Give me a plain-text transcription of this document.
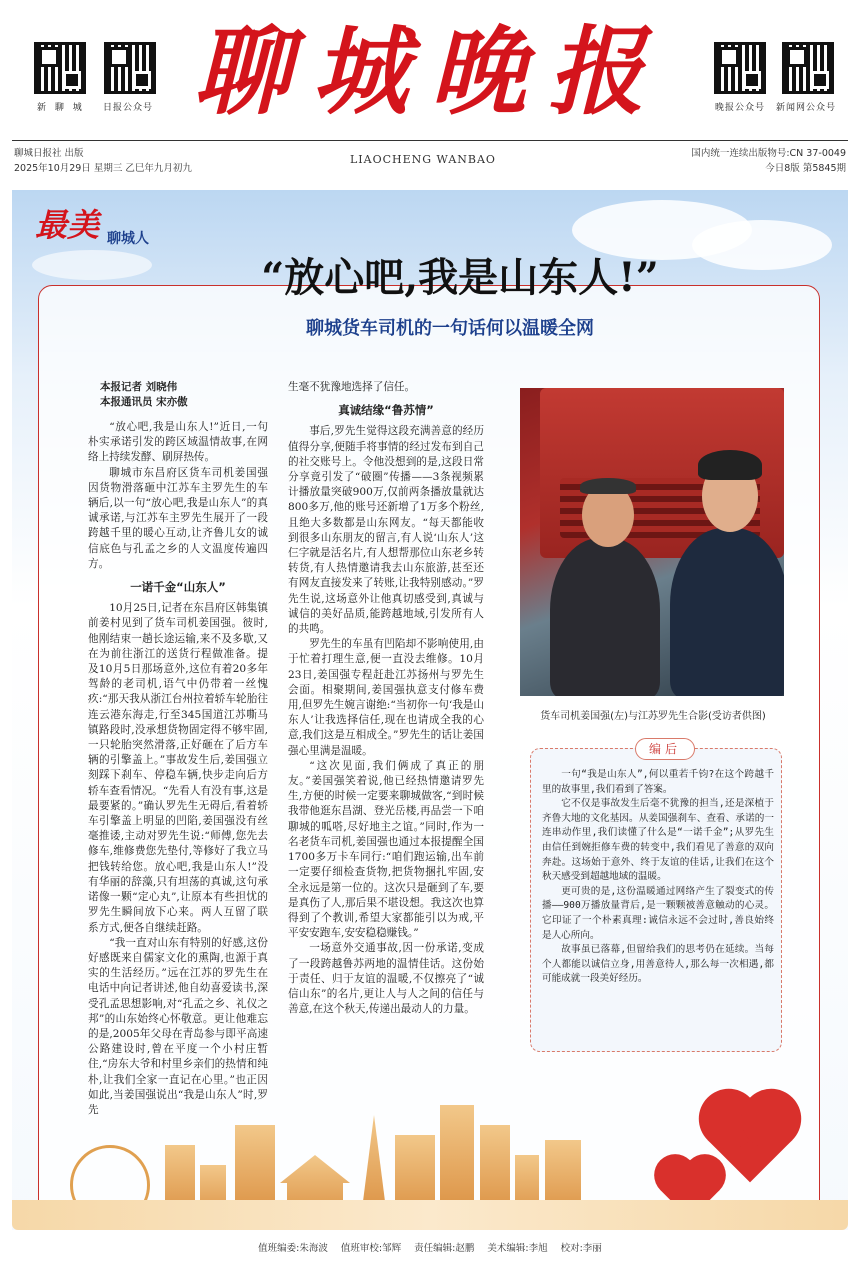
新 聊 城 日报公众号	晚报公众号 新闻网公众号
聊城晚报
聊城日报社 出版
2025年10月29日 星期三 乙巳年九月初九
LIAOCHENG WANBAO	国内统一连续出版物号:CN 37-0049
今日8版 第5845期
最美 聊城人
“放心吧,我是山东人!”
聊城货车司机的一句话何以温暖全网
本报记者 刘晓伟
本报通讯员 宋亦傲

“放心吧,我是山东人!”近日,一句朴实承诺引发的跨区域温情故事,在网络上持续发酵、刷屏热传。

聊城市东昌府区货车司机姜国强因货物滑落砸中江苏车主罗先生的车辆后,以一句“放心吧,我是山东人”的真诚承诺,与江苏车主罗先生展开了一段跨越千里的暖心互动,让齐鲁儿女的诚信底色与孔孟之乡的人文温度传遍四方。

一诺千金“山东人”

10月25日,记者在东昌府区韩集镇前姜村见到了货车司机姜国强。彼时,他刚结束一趟长途运输,来不及多歇,又在为前往浙江的送货行程做准备。提及10月5日那场意外,这位有着20多年驾龄的老司机,语气中仍带着一丝愧疚:“那天我从浙江台州拉着轿车轮胎往连云港东海走,行至345国道江苏嘶马镇路段时,没承想货物固定得不够牢固,一只轮胎突然滑落,正好砸在了后方车辆的引擎盖上。”事故发生后,姜国强立刻踩下刹车、停稳车辆,快步走向后方轿车查看情况。“先看人有没有事,这是最要紧的。”确认罗先生无碍后,看着轿车引擎盖上明显的凹陷,姜国强没有丝毫推诿,主动对罗先生说:“师傅,您先去修车,维修费您先垫付,等修好了我立马把钱转给您。放心吧,我是山东人!”没有华丽的辞藻,只有坦荡的真诚,这句承诺像一颗“定心丸”,让原本有些担忧的罗先生瞬间放下心来。两人互留了联系方式,便各自继续赶路。

“我一直对山东有特别的好感,这份好感既来自儒家文化的熏陶,也源于真实的生活经历。”远在江苏的罗先生在电话中向记者讲述,他自幼喜爱读书,深受孔孟思想影响,对“孔孟之乡、礼仪之邦”的山东始终心怀敬意。更让他难忘的是,2005年父母在青岛参与即平高速公路建设时,曾在平度一个小村庄暂住,“房东大爷和村里乡亲们的热情和纯朴,让我们全家一直记在心里。”也正因如此,当姜国强说出“我是山东人”时,罗先

生毫不犹豫地选择了信任。
真诚结缘“鲁苏情”

事后,罗先生觉得这段充满善意的经历值得分享,便随手将事情的经过发布到自己的社交账号上。令他没想到的是,这段日常分享竟引发了“破圈”传播——3条视频累计播放量突破900万,仅前两条播放量就达800多万,他的账号还新增了1万多个粉丝,且绝大多数都是山东网友。“每天都能收到很多山东朋友的留言,有人说‘山东人’这仨字就是活名片,有人想帮那位山东老乡转转货,有人热情邀请我去山东旅游,甚至还有网友直接发来了转账,让我特别感动。”罗先生说,这场意外让他真切感受到,真诚与诚信的美好品质,能跨越地域,引发所有人的共鸣。

罗先生的车虽有凹陷却不影响使用,由于忙着打理生意,便一直没去维修。10月23日,姜国强专程赶赴江苏扬州与罗先生会面。相聚期间,姜国强执意支付修车费用,但罗先生婉言谢绝:“当初你一句‘我是山东人’让我选择信任,现在也请成全我的心意,我们这是互相成全。”罗先生的话让姜国强心里满是温暖。

“这次见面,我们俩成了真正的朋友。”姜国强笑着说,他已经热情邀请罗先生,方便的时候一定要来聊城做客,“到时候我带他逛东昌湖、登光岳楼,再品尝一下咱聊城的呱嗒,尽好地主之谊。”同时,作为一名老货车司机,姜国强也通过本报提醒全国1700多万卡车同行:“咱们跑运输,出车前一定要仔细检查货物,把货物捆扎牢固,安全永远是第一位的。这次只是砸到了车,要是真伤了人,那后果不堪设想。我这次也算得到了个教训,希望大家都能引以为戒,平平安安跑车,安安稳稳赚钱。”

一场意外交通事故,因一份承诺,变成了一段跨越鲁苏两地的温情佳话。这份始于责任、归于友谊的温暖,不仅擦亮了“诚信山东”的名片,更让人与人之间的信任与善意,在这个秋天,传递出最动人的力量。

货车司机姜国强(左)与江苏罗先生合影(受访者供图)
编后

一句“我是山东人”,何以重若千钧?在这个跨越千里的故事里,我们看到了答案。

它不仅是事故发生后毫不犹豫的担当,还是深植于齐鲁大地的文化基因。从姜国强刹车、查看、承诺的一连串动作里,我们读懂了什么是“一诺千金”;从罗先生由信任到婉拒修车费的转变中,我们看见了善意的双向奔赴。这场始于意外、终于友谊的佳话,让我们在这个秋天感受到超越地域的温暖。

更可贵的是,这份温暖通过网络产生了裂变式的传播——900万播放量背后,是一颗颗被善意触动的心灵。它印证了一个朴素真理:诚信永远不会过时,善良始终是人心所向。

故事虽已落幕,但留给我们的思考仍在延续。当每个人都能以诚信立身,用善意待人,那么每一次相遇,都可能成就一段美好经历。

值班编委:朱海波 值班审校:邹辉 责任编辑:赵鹏 美术编辑:李旭 校对:李丽
